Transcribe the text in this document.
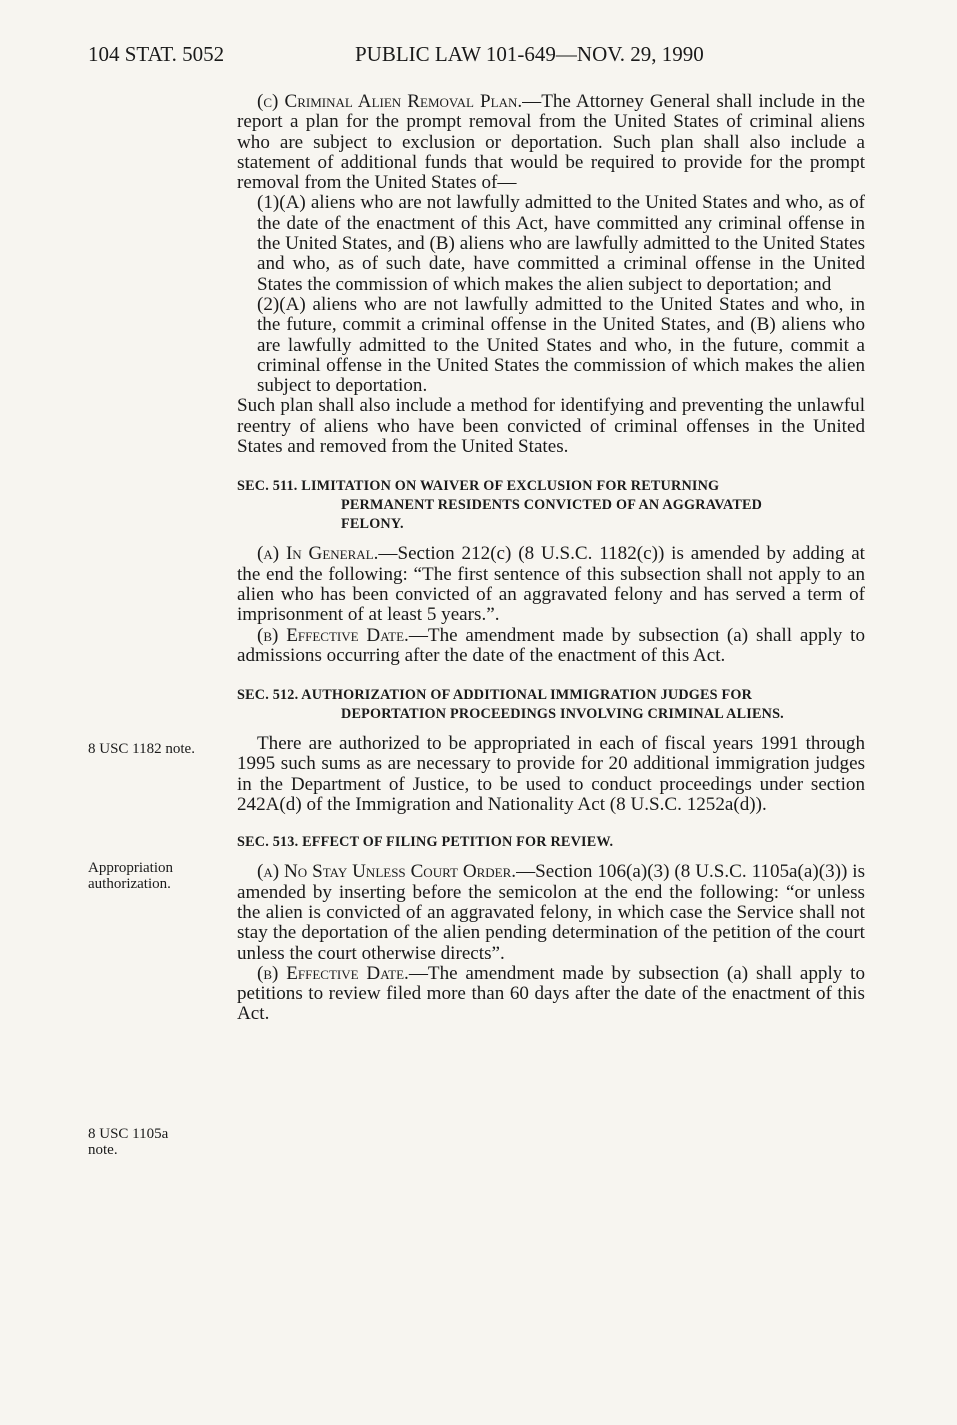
104 STAT. 5052	PUBLIC LAW 101-649—NOV. 29, 1990
8 USC 1182 note.
Appropriation
authorization.
8 USC 1105a
note.

(c) Criminal Alien Removal Plan.—The Attorney General shall include in the report a plan for the prompt removal from the United States of criminal aliens who are subject to exclusion or deportation. Such plan shall also include a statement of additional funds that would be required to provide for the prompt removal from the United States of—

(1)(A) aliens who are not lawfully admitted to the United States and who, as of the date of the enactment of this Act, have committed any criminal offense in the United States, and (B) aliens who are lawfully admitted to the United States and who, as of such date, have committed a criminal offense in the United States the commission of which makes the alien subject to deportation; and

(2)(A) aliens who are not lawfully admitted to the United States and who, in the future, commit a criminal offense in the United States, and (B) aliens who are lawfully admitted to the United States and who, in the future, commit a criminal offense in the United States the commission of which makes the alien subject to deportation.

Such plan shall also include a method for identifying and preventing the unlawful reentry of aliens who have been convicted of criminal offenses in the United States and removed from the United States.

SEC. 511. LIMITATION ON WAIVER OF EXCLUSION FOR RETURNING
PERMANENT RESIDENTS CONVICTED OF AN AGGRAVATED
FELONY.

(a) In General.—Section 212(c) (8 U.S.C. 1182(c)) is amended by adding at the end the following: “The first sentence of this subsection shall not apply to an alien who has been convicted of an aggravated felony and has served a term of imprisonment of at least 5 years.”.

(b) Effective Date.—The amendment made by subsection (a) shall apply to admissions occurring after the date of the enactment of this Act.

SEC. 512. AUTHORIZATION OF ADDITIONAL IMMIGRATION JUDGES FOR
DEPORTATION PROCEEDINGS INVOLVING CRIMINAL ALIENS.

There are authorized to be appropriated in each of fiscal years 1991 through 1995 such sums as are necessary to provide for 20 additional immigration judges in the Department of Justice, to be used to conduct proceedings under section 242A(d) of the Immigration and Nationality Act (8 U.S.C. 1252a(d)).

SEC. 513. EFFECT OF FILING PETITION FOR REVIEW.

(a) No Stay Unless Court Order.—Section 106(a)(3) (8 U.S.C. 1105a(a)(3)) is amended by inserting before the semicolon at the end the following: “or unless the alien is convicted of an aggravated felony, in which case the Service shall not stay the deportation of the alien pending determination of the petition of the court unless the court otherwise directs”.

(b) Effective Date.—The amendment made by subsection (a) shall apply to petitions to review filed more than 60 days after the date of the enactment of this Act.
